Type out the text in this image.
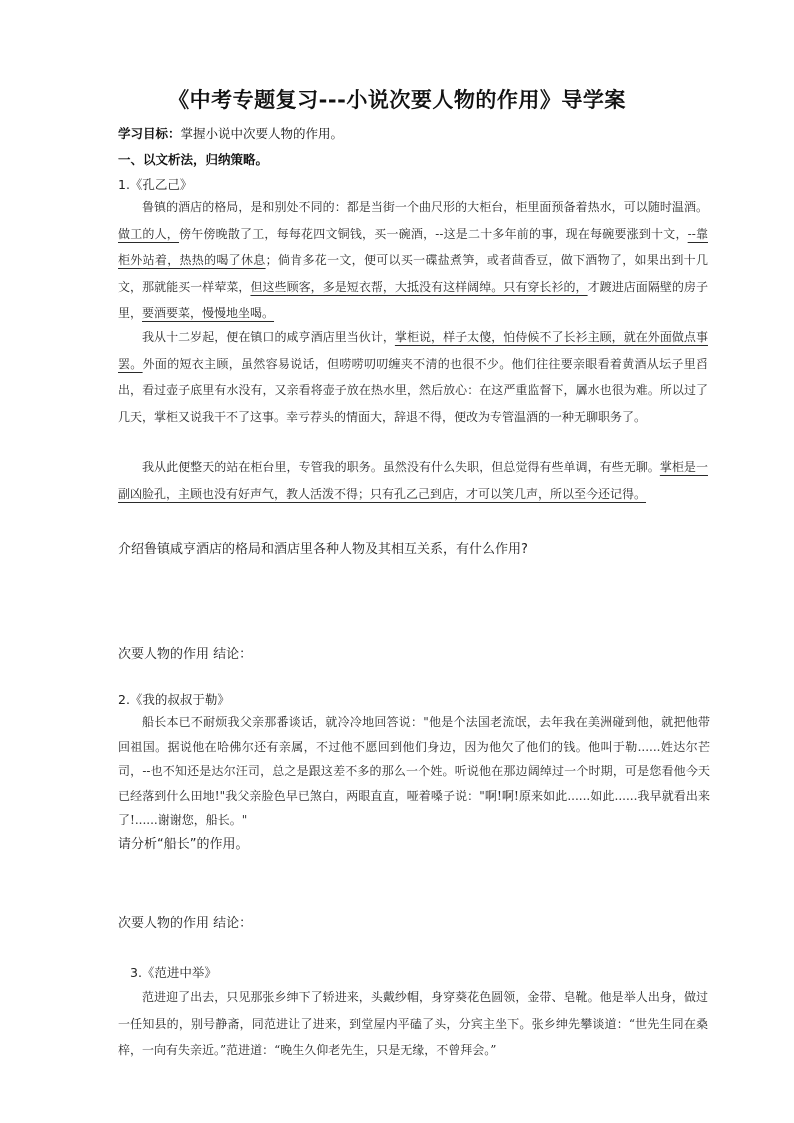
《中考专题复习---小说次要人物的作用》导学案
学习目标：掌握小说中次要人物的作用。
一、以文析法，归纳策略。
1.《孔乙己》

鲁镇的酒店的格局，是和别处不同的：都是当街一个曲尺形的大柜台，柜里面预备着热水，可以随时温酒。做工的人，傍午傍晚散了工，每每花四文铜钱，买一碗酒，--这是二十多年前的事，现在每碗要涨到十文，--靠柜外站着，热热的喝了休息；倘肯多花一文，便可以买一碟盐煮笋，或者茴香豆，做下酒物了，如果出到十几文，那就能买一样荤菜，但这些顾客，多是短衣帮，大抵没有这样阔绰。只有穿长衫的，才踱进店面隔壁的房子里，要酒要菜，慢慢地坐喝。

我从十二岁起，便在镇口的咸亨酒店里当伙计，掌柜说，样子太傻，怕侍候不了长衫主顾，就在外面做点事罢。外面的短衣主顾，虽然容易说话，但唠唠叨叨缠夹不清的也很不少。他们往往要亲眼看着黄酒从坛子里舀出，看过壶子底里有水没有，又亲看将壶子放在热水里，然后放心：在这严重监督下，羼水也很为难。所以过了几天，掌柜又说我干不了这事。幸亏荐头的情面大，辞退不得，便改为专管温酒的一种无聊职务了。

我从此便整天的站在柜台里，专管我的职务。虽然没有什么失职，但总觉得有些单调，有些无聊。掌柜是一副凶脸孔，主顾也没有好声气，教人活泼不得；只有孔乙己到店，才可以笑几声，所以至今还记得。

介绍鲁镇咸亨酒店的格局和酒店里各种人物及其相互关系，有什么作用?
次要人物的作用 结论：
2.《我的叔叔于勒》

船长本已不耐烦我父亲那番谈话，就冷冷地回答说："他是个法国老流氓，去年我在美洲碰到他，就把他带回祖国。据说他在哈佛尔还有亲属，不过他不愿回到他们身边，因为他欠了他们的钱。他叫于勒......姓达尔芒司，--也不知还是达尔汪司，总之是跟这差不多的那么一个姓。听说他在那边阔绰过一个时期，可是您看他今天已经落到什么田地!"我父亲脸色早已煞白，两眼直直，哑着嗓子说："啊!啊!原来如此......如此......我早就看出来了!......谢谢您，船长。"

请分析“船长”的作用。
次要人物的作用 结论：
3.《范进中举》

范进迎了出去，只见那张乡绅下了轿进来，头戴纱帽，身穿葵花色圆领，金带、皂靴。他是举人出身，做过一任知县的，别号静斋，同范进让了进来，到堂屋内平磕了头，分宾主坐下。张乡绅先攀谈道：“世先生同在桑梓，一向有失亲近。”范进道：“晚生久仰老先生，只是无缘，不曾拜会。”
